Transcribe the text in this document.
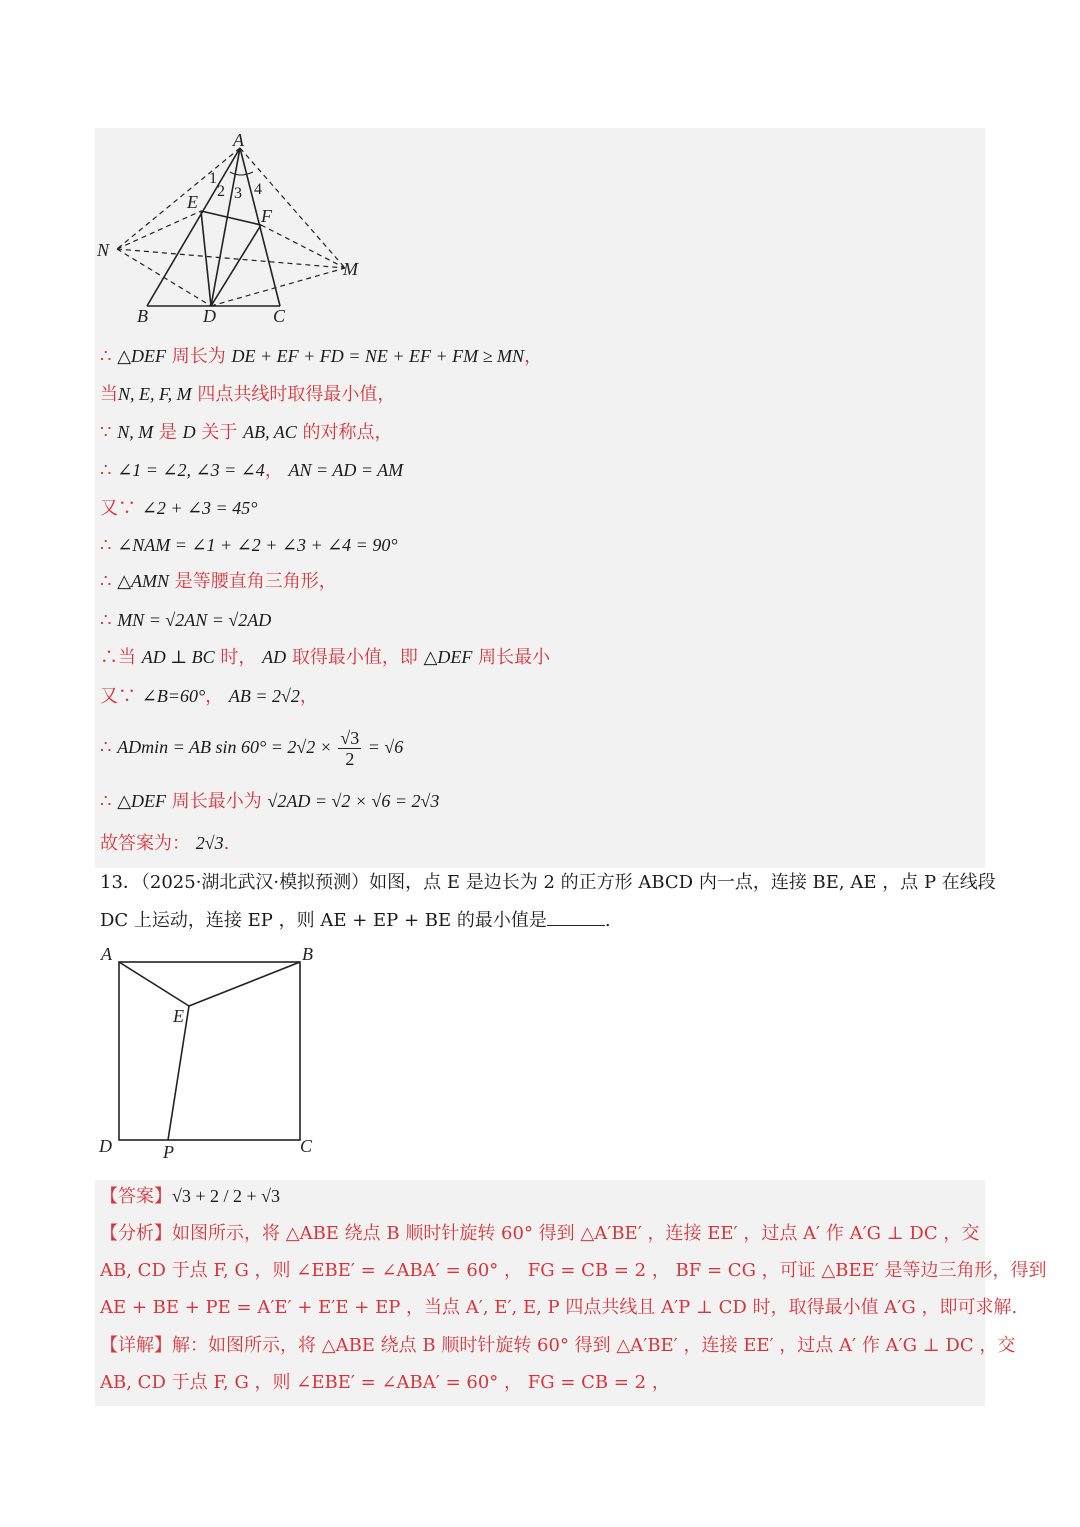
A
B	D	C
E
F
N
M
1
2 3 4
∴ △DEF 周长为 DE + EF + FD = NE + EF + FM ≥ MN，
当N, E, F, M 四点共线时取得最小值，
∵ N, M 是 D 关于 AB, AC 的对称点，
∴ ∠1 = ∠2, ∠3 = ∠4， AN = AD = AM
又∵ ∠2 + ∠3 = 45°
∴ ∠NAM = ∠1 + ∠2 + ∠3 + ∠4 = 90°
∴ △AMN 是等腰直角三角形，
∴ MN = √2AN = √2AD
∴当 AD ⊥ BC 时， AD 取得最小值，即 △DEF 周长最小
又∵ ∠B=60°， AB = 2√2，
∴ ADmin = AB $\sin 60^\circ = 2√2 \times \frac{√3}{2} = √6$
∴ △DEF 周长最小为 √2AD = √2 × √6 = 2√3
故答案为： 2√3.
13．（2025·湖北武汉·模拟预测）如图，点 E 是边长为 2 的正方形 ABCD 内一点，连接 BE, AE ，点 P 在线段
DC 上运动，连接 EP ，则 AE + EP + BE 的最小值是	.
A	B
E
D	C
P
【答案】√3 + 2 / 2 + √3
【分析】如图所示，将 △ABE 绕点 B 顺时针旋转 60° 得到 △A′BE′ ，连接 EE′ ，过点 A′ 作 A′G ⊥ DC ，交
AB, CD 于点 F, G ，则 ∠EBE′ = ∠ABA′ = 60° ， FG = CB = 2 ， BF = CG ，可证 △BEE′ 是等边三角形，得到
AE + BE + PE = A′E′ + E′E + EP ，当点 A′, E′, E, P 四点共线且 A′P ⊥ CD 时，取得最小值 A′G ，即可求解.
【详解】解：如图所示，将 △ABE 绕点 B 顺时针旋转 60° 得到 △A′BE′ ，连接 EE′ ，过点 A′ 作 A′G ⊥ DC ，交
AB, CD 于点 F, G ，则 ∠EBE′ = ∠ABA′ = 60° ， FG = CB = 2 ，
